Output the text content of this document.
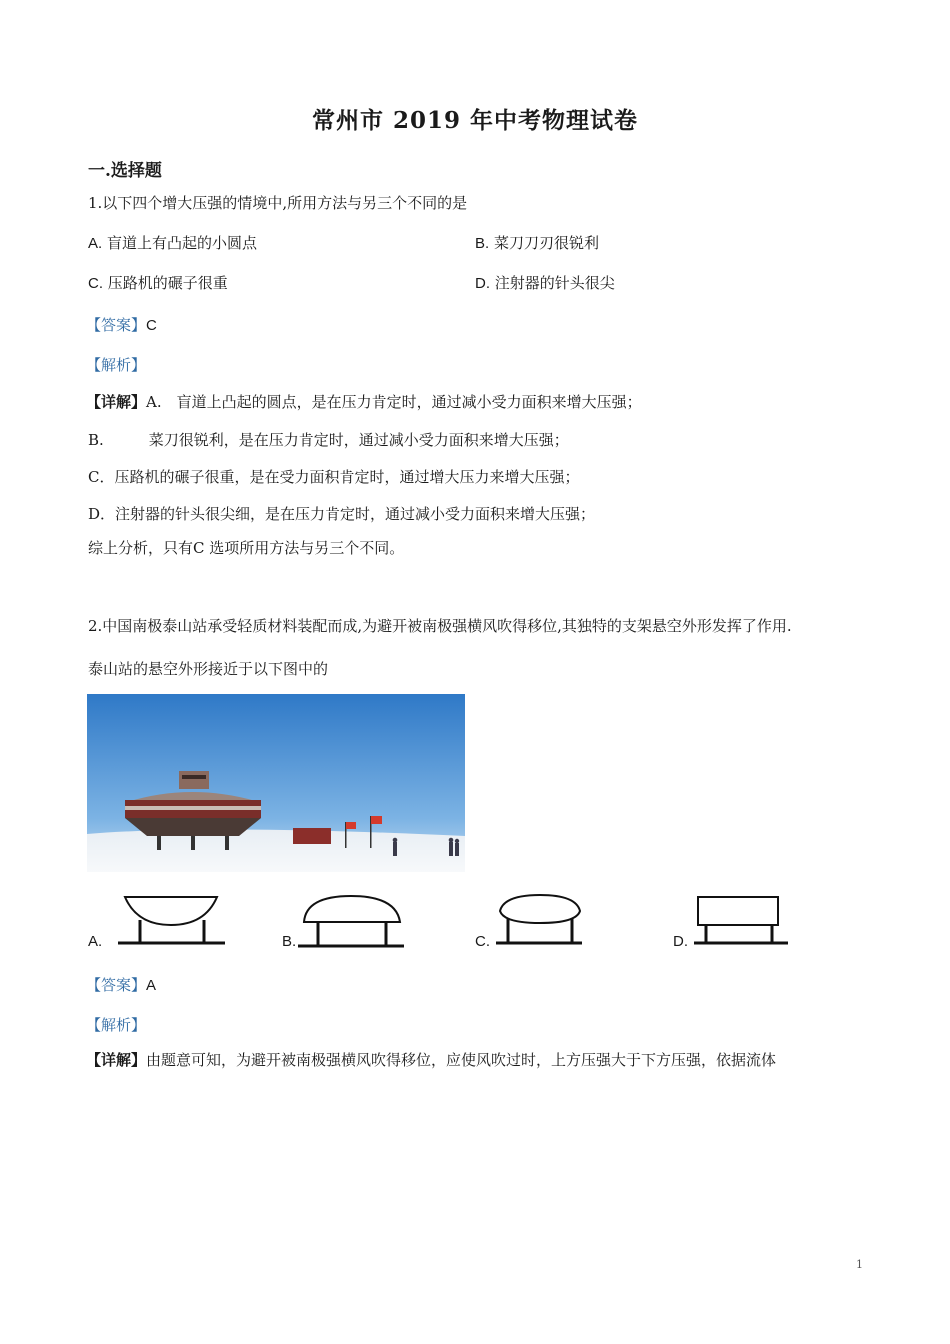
常州市 2019 年中考物理试卷
一.选择题
1.以下四个增大压强的情境中,所用方法与另三个不同的是
A. 盲道上有凸起的小圆点	B. 菜刀刀刃很锐利
C. 压路机的碾子很重	D. 注射器的针头很尖
【答案】C
【解析】
【详解】A.　盲道上凸起的圆点，是在压力肯定时，通过减小受力面积来增大压强；
B.　　　菜刀很锐利，是在压力肯定时，通过减小受力面积来增大压强；
C．压路机的碾子很重，是在受力面积肯定时，通过增大压力来增大压强；
D．注射器的针头很尖细，是在压力肯定时，通过减小受力面积来增大压强；
综上分析，只有C 选项所用方法与另三个不同。
2.中国南极泰山站承受轻质材料装配而成,为避开被南极强横风吹得移位,其独特的支架悬空外形发挥了作用.
泰山站的悬空外形接近于以下图中的
A.	B.	C.	D.
【答案】A
【解析】
【详解】由题意可知，为避开被南极强横风吹得移位，应使风吹过时，上方压强大于下方压强，依据流体
1
